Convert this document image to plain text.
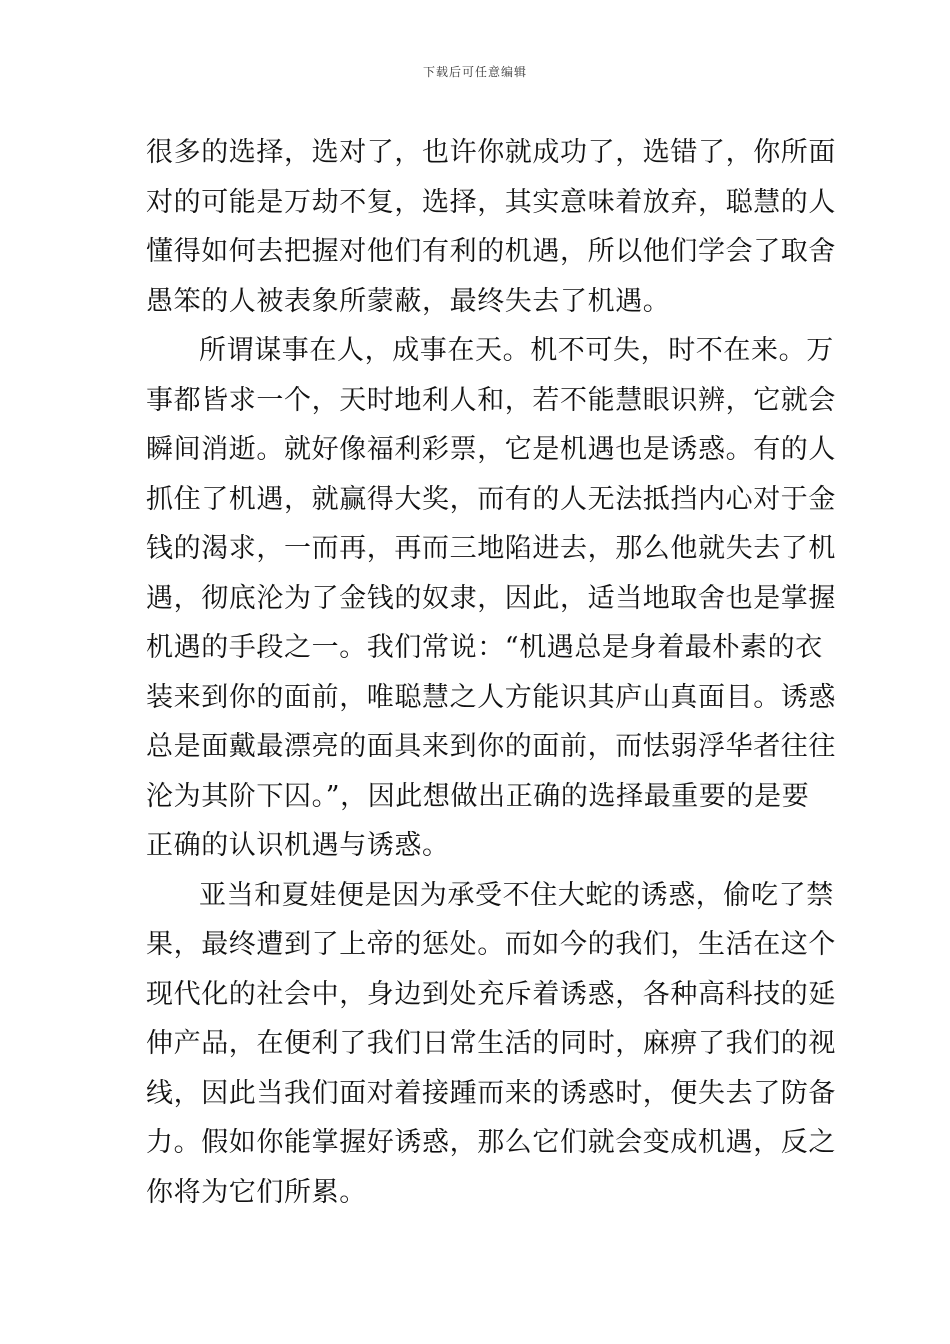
下载后可任意编辑
很多的选择，选对了，也许你就成功了，选错了，你所面
对的可能是万劫不复，选择，其实意味着放弃，聪慧的人
懂得如何去把握对他们有利的机遇，所以他们学会了取舍
愚笨的人被表象所蒙蔽，最终失去了机遇。
所谓谋事在人，成事在天。机不可失，时不在来。万
事都皆求一个，天时地利人和，若不能慧眼识辨，它就会
瞬间消逝。就好像福利彩票，它是机遇也是诱惑。有的人
抓住了机遇，就赢得大奖，而有的人无法抵挡内心对于金
钱的渴求，一而再，再而三地陷进去，那么他就失去了机
遇，彻底沦为了金钱的奴隶，因此，适当地取舍也是掌握
机遇的手段之一。我们常说：“机遇总是身着最朴素的衣
装来到你的面前，唯聪慧之人方能识其庐山真面目。诱惑
总是面戴最漂亮的面具来到你的面前，而怯弱浮华者往往
沦为其阶下囚。”，因此想做出正确的选择最重要的是要
正确的认识机遇与诱惑。
亚当和夏娃便是因为承受不住大蛇的诱惑，偷吃了禁
果，最终遭到了上帝的惩处。而如今的我们，生活在这个
现代化的社会中，身边到处充斥着诱惑，各种高科技的延
伸产品，在便利了我们日常生活的同时，麻痹了我们的视
线，因此当我们面对着接踵而来的诱惑时，便失去了防备
力。假如你能掌握好诱惑，那么它们就会变成机遇，反之
你将为它们所累。
